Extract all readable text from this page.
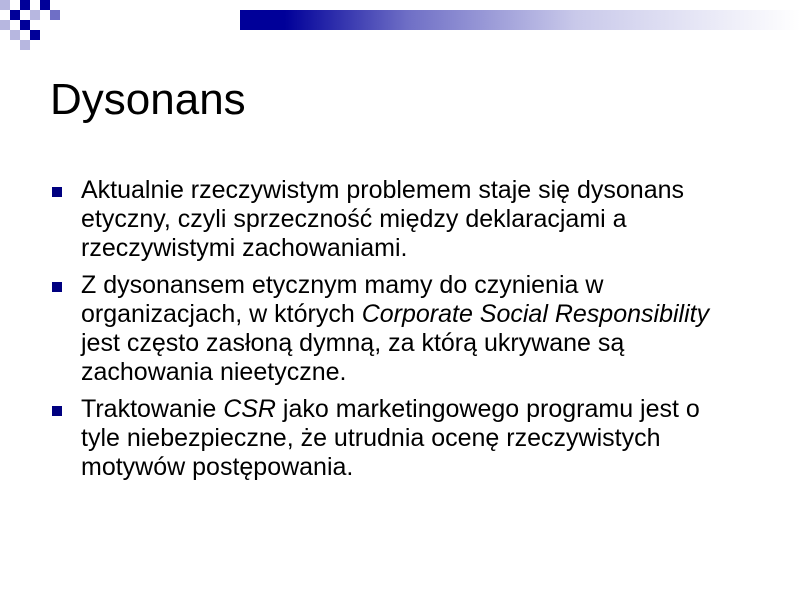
Dysonans
Aktualnie rzeczywistym problemem staje się dysonans etyczny, czyli sprzeczność między deklaracjami a rzeczywistymi zachowaniami.
Z dysonansem etycznym mamy do czynienia w organizacjach, w których Corporate Social Responsibility jest często zasłoną dymną, za którą ukrywane są zachowania nieetyczne.
Traktowanie CSR jako marketingowego programu jest o tyle niebezpieczne, że utrudnia ocenę rzeczywistych motywów postępowania.
